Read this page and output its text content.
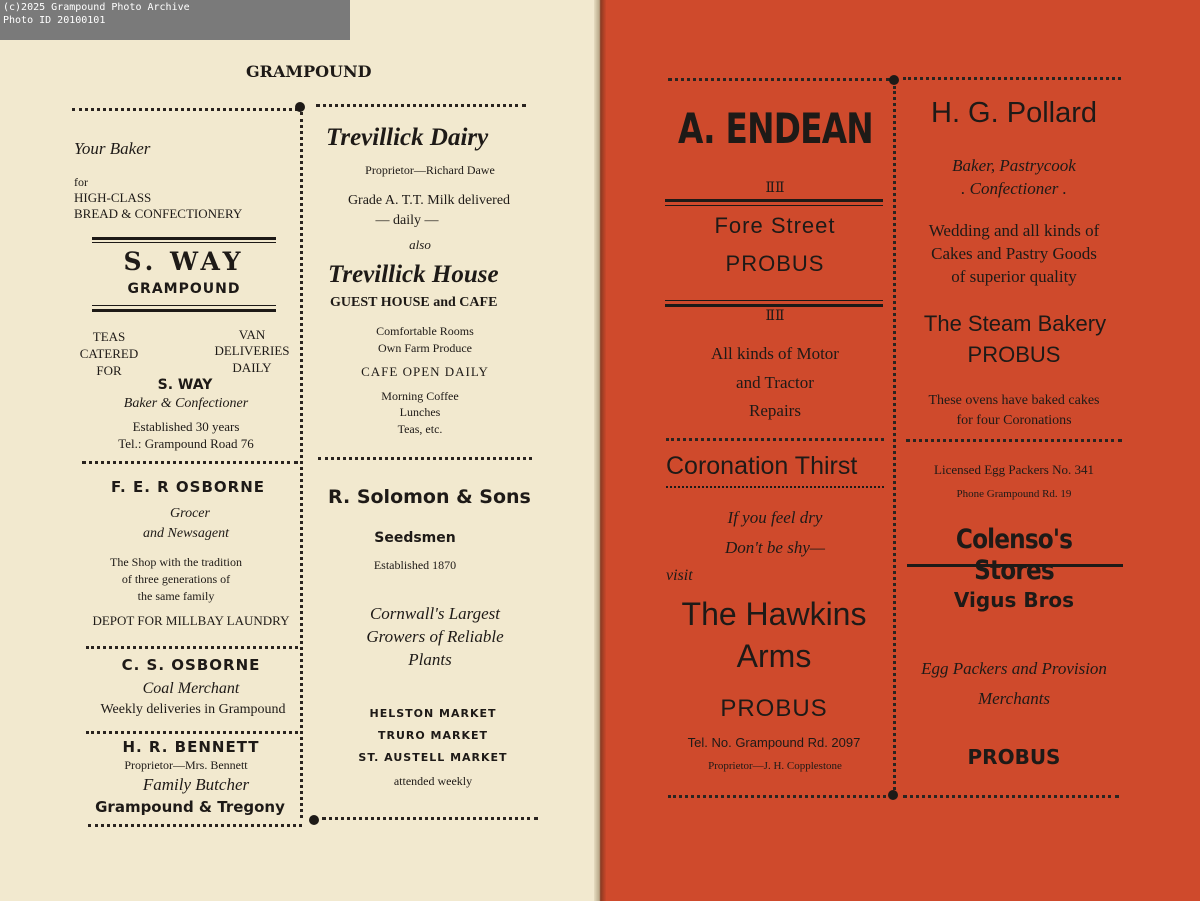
(c)2025 Grampound Photo Archive
Photo ID 20100101
GRAMPOUND
Your Baker
for
HIGH-CLASS
BREAD & CONFECTIONERY
S. WAY
GRAMPOUND
TEAS
CATERED
FOR
VAN
DELIVERIES
DAILY
S. WAY
Baker & Confectioner
Established 30 years
Tel.: Grampound Road 76
F. E. R OSBORNE
Grocer
and Newsagent
The Shop with the tradition
of three generations of
the same family
DEPOT FOR MILLBAY LAUNDRY
C. S. OSBORNE
Coal Merchant
Weekly deliveries in Grampound
H. R. BENNETT
Proprietor—Mrs. Bennett
Family Butcher
Grampound & Tregony
Trevillick Dairy
Proprietor—Richard Dawe
Grade A. T.T. Milk delivered
— daily —
also
Trevillick House
GUEST HOUSE and CAFE
Comfortable Rooms
Own Farm Produce
CAFE OPEN DAILY
Morning Coffee
Lunches
Teas, etc.
R. Solomon & Sons
Seedsmen
Established 1870
Cornwall's Largest
Growers of Reliable
Plants
HELSTON MARKET
TRURO MARKET
ST. AUSTELL MARKET
attended weekly
A. ENDEAN
ⅡⅡ
Fore Street
PROBUS
ⅡⅡ
All kinds of Motor
and Tractor
Repairs
Coronation Thirst
If you feel dry
Don't be shy—
visit
The Hawkins
Arms
PROBUS
Tel. No. Grampound Rd. 2097
Proprietor—J. H. Copplestone
H. G. Pollard
Baker, Pastrycook
. Confectioner .
Wedding and all kinds of
Cakes and Pastry Goods
of superior quality
The Steam Bakery
PROBUS
These ovens have baked cakes
for four Coronations
Licensed Egg Packers No. 341
Phone Grampound Rd. 19
Colenso's Stores
Vigus Bros
Egg Packers and Provision
Merchants
PROBUS
